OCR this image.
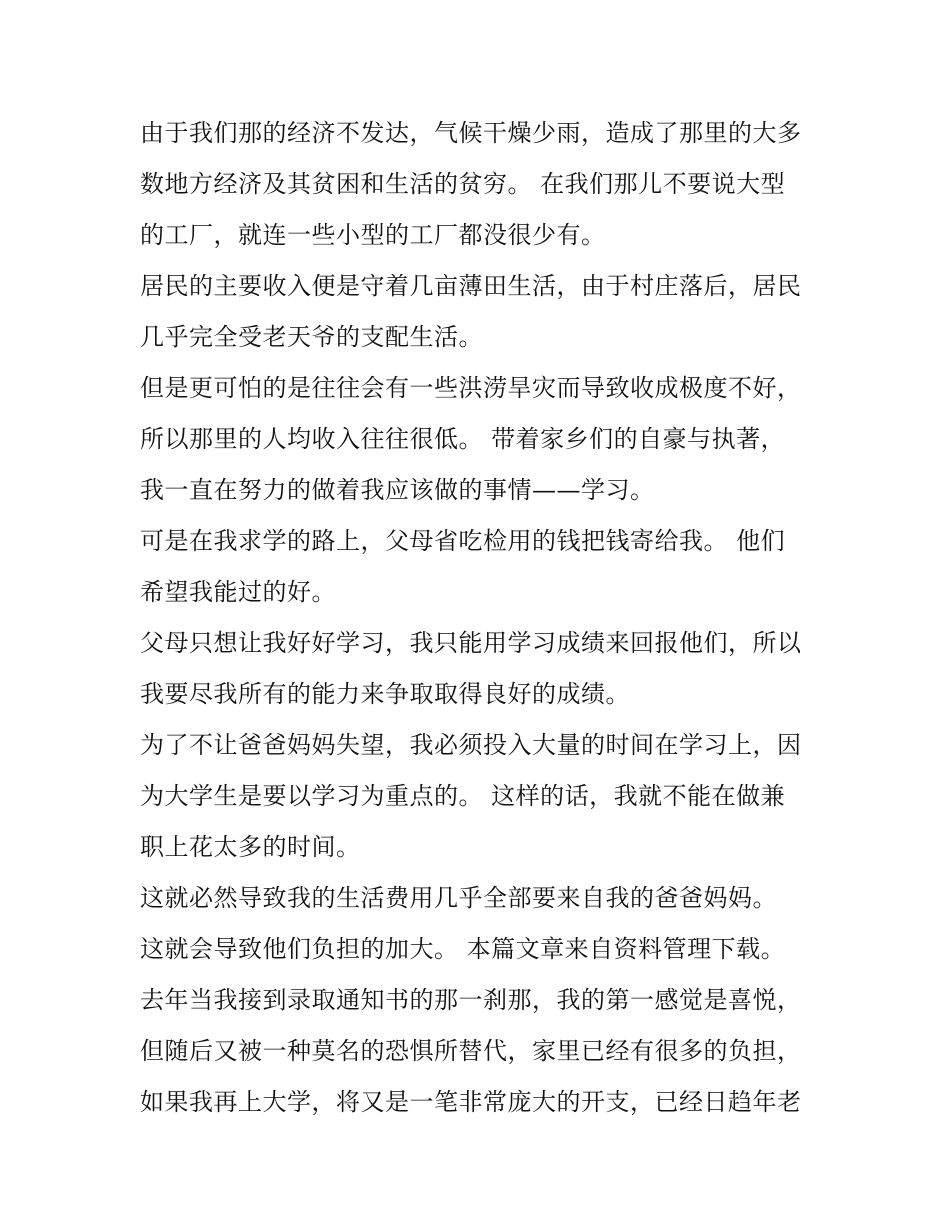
由于我们那的经济不发达，气候干燥少雨，造成了那里的大多
数地方经济及其贫困和生活的贫穷。 在我们那儿不要说大型
的工厂，就连一些小型的工厂都没很少有。
居民的主要收入便是守着几亩薄田生活，由于村庄落后，居民
几乎完全受老天爷的支配生活。
但是更可怕的是往往会有一些洪涝旱灾而导致收成极度不好，
所以那里的人均收入往往很低。 带着家乡们的自豪与执著，
我一直在努力的做着我应该做的事情——学习。
可是在我求学的路上，父母省吃检用的钱把钱寄给我。 他们
希望我能过的好。
父母只想让我好好学习，我只能用学习成绩来回报他们，所以
我要尽我所有的能力来争取取得良好的成绩。
为了不让爸爸妈妈失望，我必须投入大量的时间在学习上，因
为大学生是要以学习为重点的。 这样的话，我就不能在做兼
职上花太多的时间。
这就必然导致我的生活费用几乎全部要来自我的爸爸妈妈。
这就会导致他们负担的加大。 本篇文章来自资料管理下载。
去年当我接到录取通知书的那一刹那，我的第一感觉是喜悦，
但随后又被一种莫名的恐惧所替代，家里已经有很多的负担，
如果我再上大学，将又是一笔非常庞大的开支，已经日趋年老
